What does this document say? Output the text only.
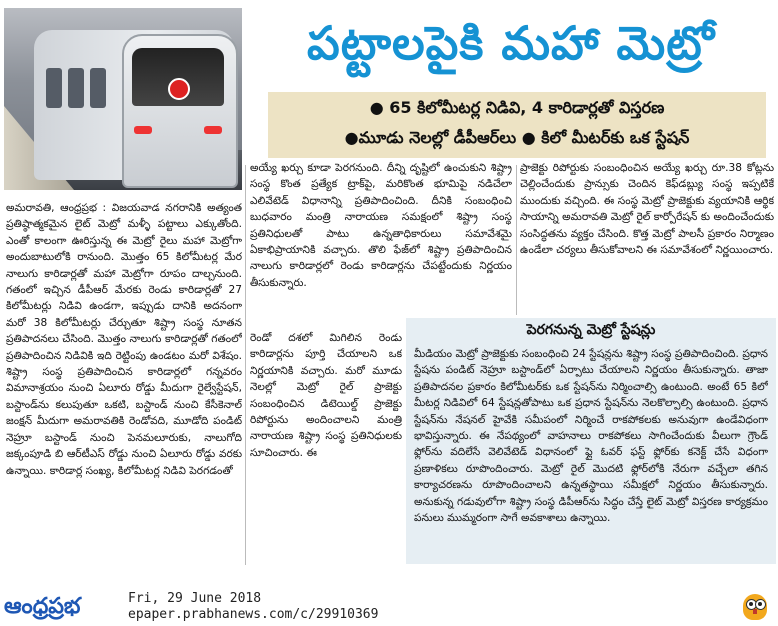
పట్టాలపైకి మహా మెట్రో
● 65 కిలోమీటర్ల నిడివి, 4 కారిడార్లతో విస్తరణ
●మూడు నెలల్లో డీపీఆర్‌లు ● కిలో మీటర్‌కు ఒక స్టేషన్
అమరావతి, ఆంధ్రప్రభ : విజయవాడ నగరానికి అత్యంత ప్రతిష్ఠాత్మకమైన లైట్ మెట్రో మళ్ళీ పట్టాలు ఎక్కుతోంది. ఎంతో కాలంగా ఊరిస్తున్న ఈ మెట్రో రైలు మహా మెట్రోగా అందుబాటులోకి రానుంది. మొత్తం 65 కిలోమీటర్ల మేర నాలుగు కారిడార్లతో మహా మెట్రోగా రూపం దాల్చనుంది. గతంలో ఇచ్చిన డీపీఆర్ మేరకు రెండు కారిడార్లతో 27 కిలోమీటర్లు నిడివి ఉండగా, ఇప్పుడు దానికి అదనంగా మరో 38 కిలోమీటర్లు చేర్చుతూ శిష్ట్రా సంస్థ నూతన ప్రతిపాదనలు చేసింది. మొత్తం నాలుగు కారిడార్లతో గతంలో ప్రతిపాదించిన నిడివికి ఇది రెట్టింపు ఉండటం మరో విశేషం. శిష్ట్రా సంస్థ ప్రతిపాదించిన కారిడార్లలో గన్నవరం విమానాశ్రయం నుంచి ఏలూరు రోడ్డు మీదుగా రైల్వేస్టేషన్, బస్టాండ్‌ను కలుపుతూ ఒకటి, బస్టాండ్ నుంచి కేసీకెనాల్ జంక్షన్ మీదుగా అమరావతికి రెండోవది, మూడోది పండిట్ నెహ్రూ బస్టాండ్ నుంచి పెనమలూరుకు, నాలుగోది జక్కంపూడి బి ఆర్‌టీఎస్ రోడ్డు నుంచి ఏలూరు రోడ్డు వరకు ఉన్నాయి. కారిడార్ల సంఖ్య, కిలోమీటర్ల నిడివి పెరగడంతో
అయ్యే ఖర్చు కూడా పెరగనుంది. దీన్ని దృష్టిలో ఉంచుకుని శిష్ట్రా సంస్థ కొంత ప్రత్యేక ట్రాక్‌పై, మరికొంత భూమిపై నడిచేలా ఎలివేటెడ్ విధానాన్ని ప్రతిపాదించింది. దీనికి సంబంధించి బుధవారం మంత్రి నారాయణ సమక్షంలో శిష్ట్రా సంస్థ ప్రతినిధులతో పాటు ఉన్నతాధికారులు సమావేశమై ఏకాభిప్రాయానికి వచ్చారు. తొలి ఫేజ్‌లో శిష్ట్రా ప్రతిపాదించిన నాలుగు కారిడార్లలో రెండు కారిడార్లను చేపట్టేందుకు నిర్ణయం తీసుకున్నారు.
ప్రాజెక్టు రిపోర్టుకు సంబంధించిన అయ్యే ఖర్చు రూ.38 కోట్లను చెల్లించేందుకు ప్రాన్సుకు చెందిన కెఫ్‌డబ్ల్యు సంస్థ ఇప్పటికే ముందుకు వచ్చింది. ఈ సంస్థ మెట్రో ప్రాజెక్టుకు వ్యయానికి ఆర్థిక సాయాన్ని అమరావతి మెట్రో రైల్ కార్పోరేషన్ కు అందించేందుకు సంసిద్ధతను వ్యక్తం చేసింది. కొత్త మెట్రో పాలసీ ప్రకారం నిర్మాణం ఉండేలా చర్యలు తీసుకోవాలని ఈ సమావేశంలో నిర్ణయించారు.
రెండో దశలో మిగిలిన రెండు కారిడార్లను పూర్తి చేయాలని ఒక నిర్ణయానికి వచ్చారు. మరో మూడు నెలల్లో మెట్రో రైల్ ప్రాజెక్టు సంబంధించిన డిటెయిల్డ్ ప్రాజెక్టు రిపోర్టును అందించాలని మంత్రి నారాయణ శిష్ట్రా సంస్థ ప్రతినిధులకు సూచించారు. ఈ
పెరగనున్న మెట్రో స్టేషన్లు
మీడియం మెట్రో ప్రాజెక్టుకు సంబంధించి 24 స్టేషన్లను శిష్ట్రా సంస్థ ప్రతిపాదించింది. ప్రధాన స్టేషను పండిట్ నెహ్రూ బస్టాండ్‌లో ఏర్పాటు చేయాలని నిర్ణయం తీసుకున్నారు. తాజా ప్రతిపాదనల ప్రకారం కిలోమీటర్‌కు ఒక స్టేషన్‌ను నిర్మించాల్సి ఉంటుంది. అంటే 65 కిలో మీటర్ల నిడివిలో 64 స్టేషన్లతోపాటు ఒక ప్రధాన స్టేషన్‌ను నెలకొల్పాల్సి ఉంటుంది. ప్రధాన స్టేషన్‌ను నేషనల్ హైవేకి సమీపంలో నిర్మించే రాకపోకలకు అనువుగా ఉండేవిధంగా భావిస్తున్నారు. ఈ నేపథ్యంలో వాహనాలు రాకపోకలు సాగించేందుకు వీలుగా గ్రౌండ్ ఫ్లోర్‌ను వదిలేసే వెలివేటెడ్ విధానంలో ఫ్లై ఓవర్ ఫస్ట్ ఫ్లోర్‌కు కనెక్ట్ చేసే విధంగా ప్రణాళికలు రూపొందించారు. మెట్రో రైల్ మొదటి ఫ్లోర్‌లోకి నేరుగా వచ్చేలా తగిన కార్యాచరణను రూపొందించాలని ఉన్నతస్థాయి సమీక్షలో నిర్ణయం తీసుకున్నారు. అనుకున్న గడువులోగా శిష్ట్రా సంస్థ డిపీఆర్‌ను సిద్ధం చేస్తే లైట్ మెట్రో విస్తరణ కార్యక్రమం పనులు ముమ్మరంగా సాగే అవకాశాలు ఉన్నాయి.
ఆంధ్రప్రభ	Fri, 29 June 2018
epaper.prabhanews.com/c/29910369
